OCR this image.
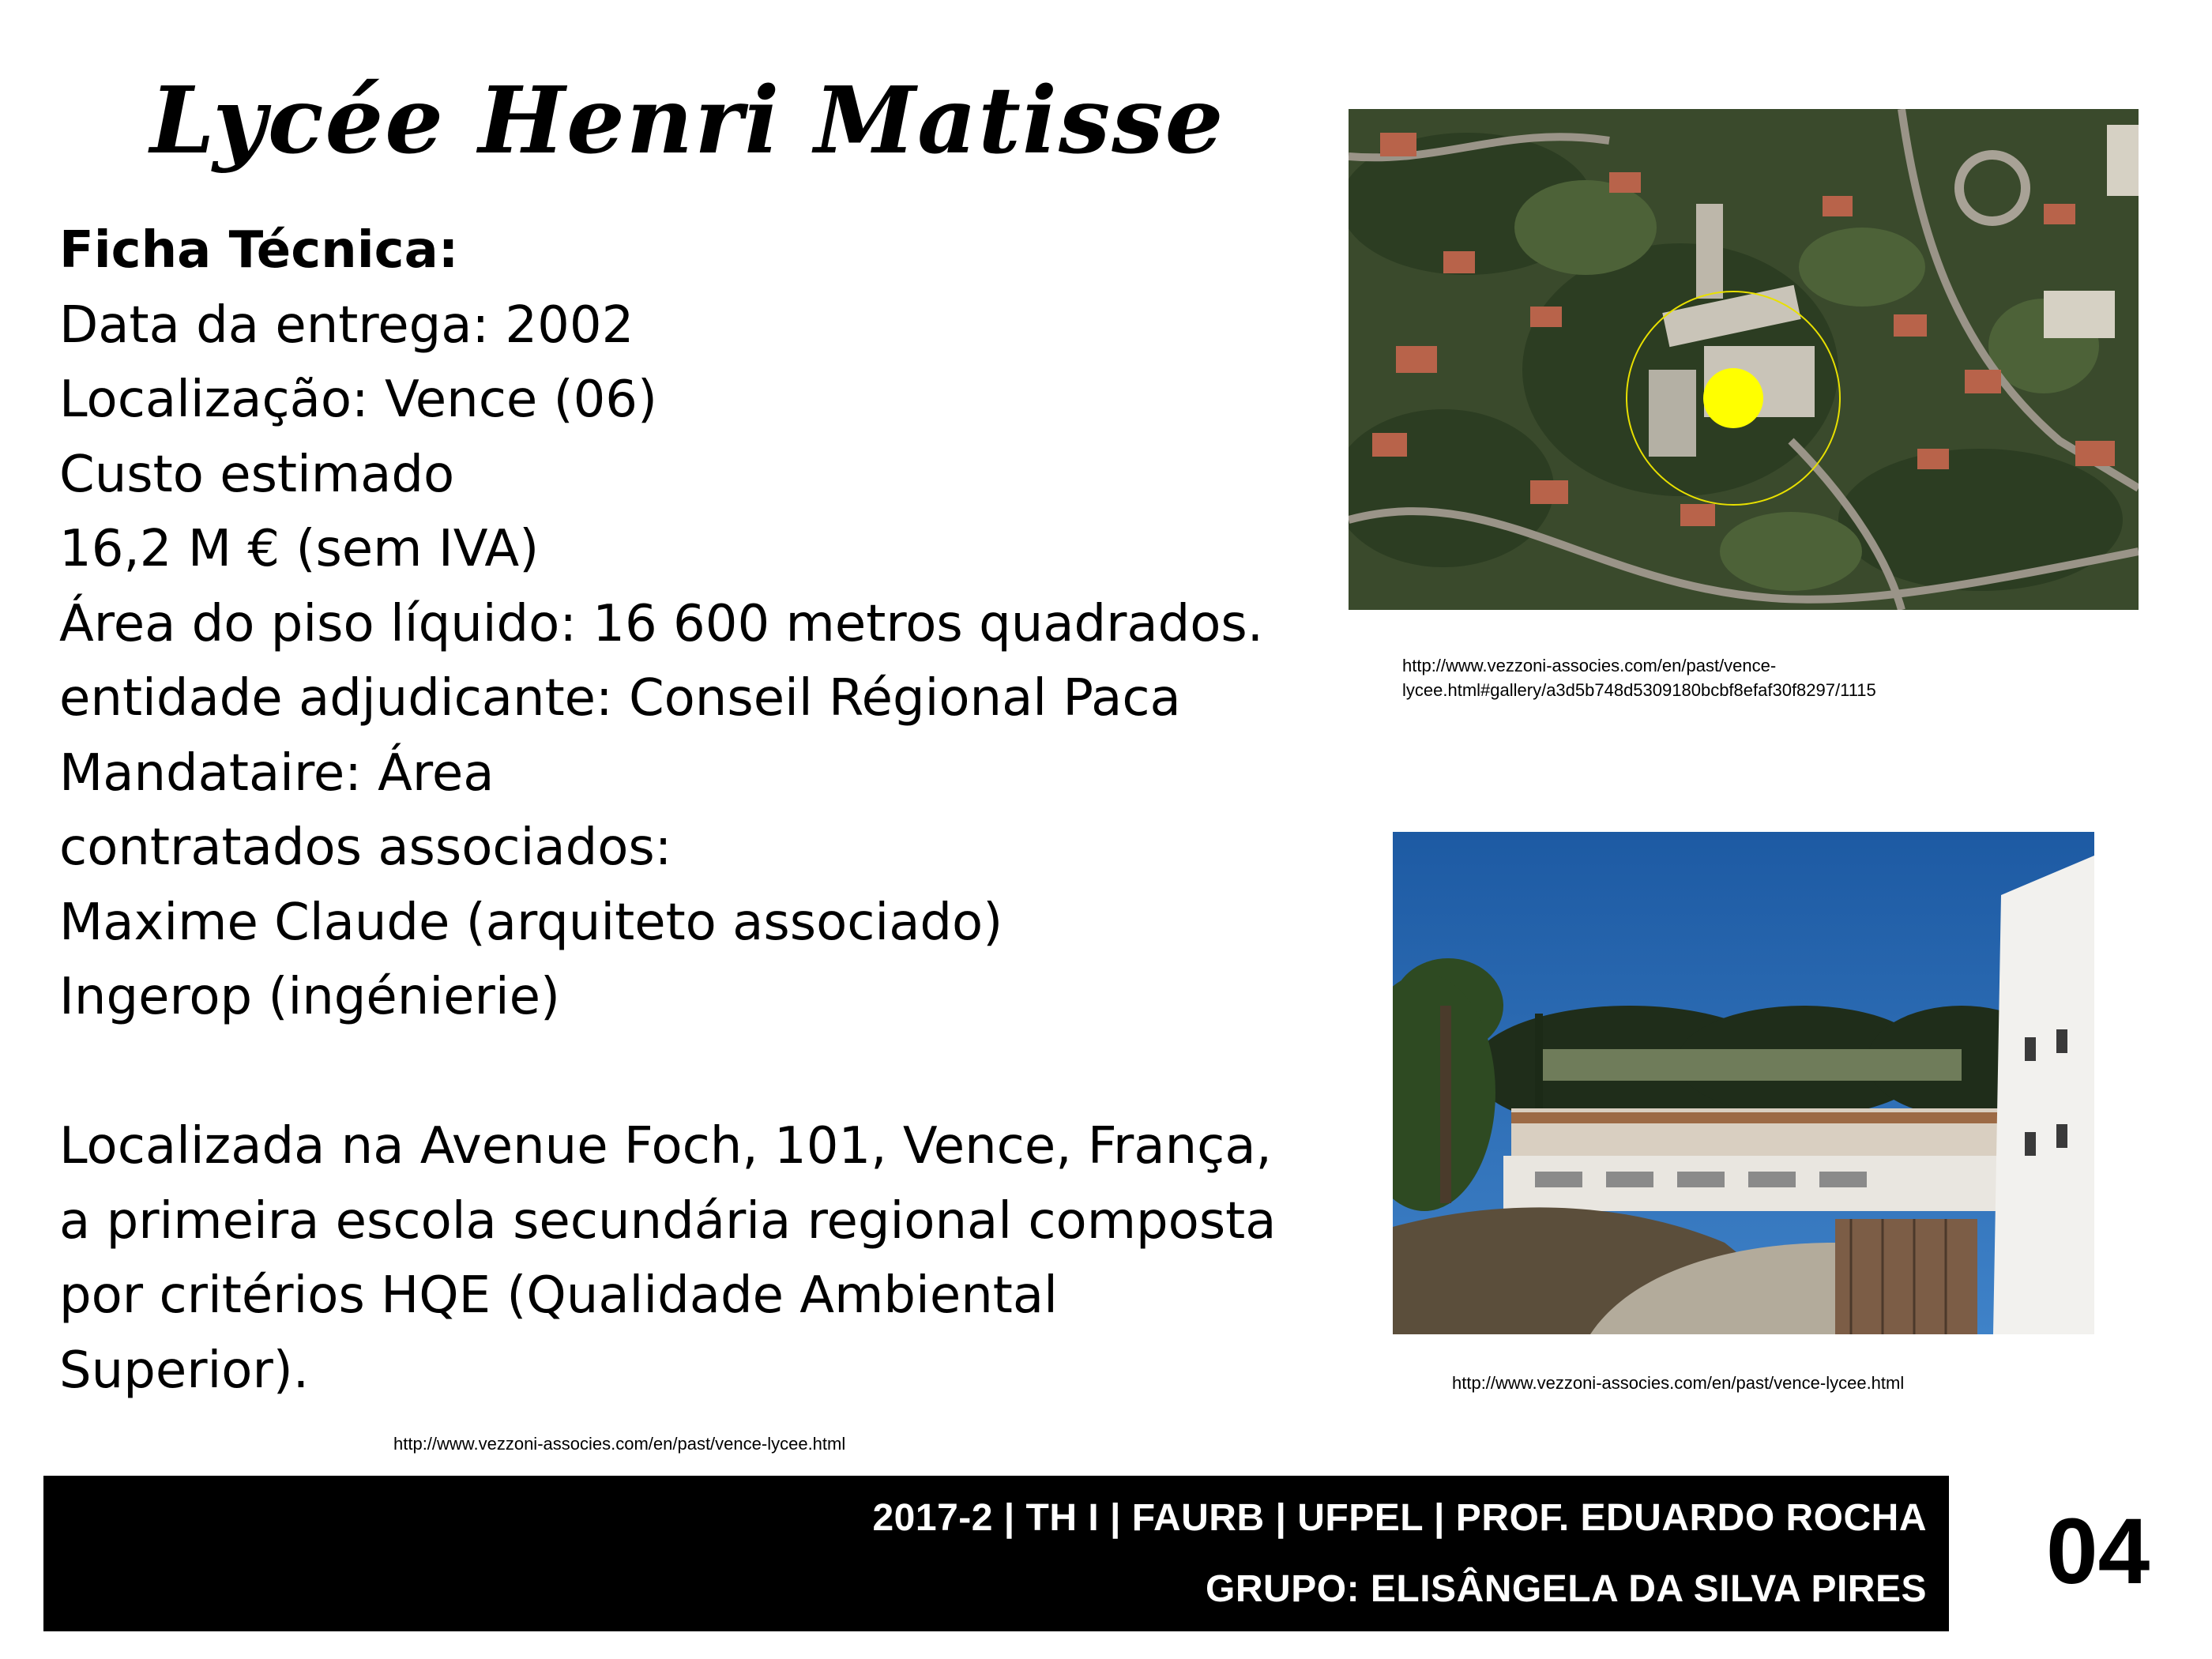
Lycée Henri Matisse
Ficha Técnica:
Data da entrega: 2002
Localização: Vence (06)
Custo estimado
16,2 M € (sem IVA)
Área do piso líquido: 16 600 metros quadrados.
entidade adjudicante: Conseil Régional Paca
Mandataire: Área
contratados associados:
Maxime Claude (arquiteto associado)
Ingerop (ingénierie)
Localizada na Avenue Foch, 101, Vence, França,
a primeira escola secundária regional composta
por critérios HQE (Qualidade Ambiental
Superior).
http://www.vezzoni-associes.com/en/past/vence-lycee.html
http://www.vezzoni-associes.com/en/past/vence-
lycee.html#gallery/a3d5b748d5309180bcbf8efaf30f8297/1115
http://www.vezzoni-associes.com/en/past/vence-lycee.html
2017-2 | TH I | FAURB | UFPEL | PROF. EDUARDO ROCHA
GRUPO: ELISÂNGELA DA SILVA PIRES 04
